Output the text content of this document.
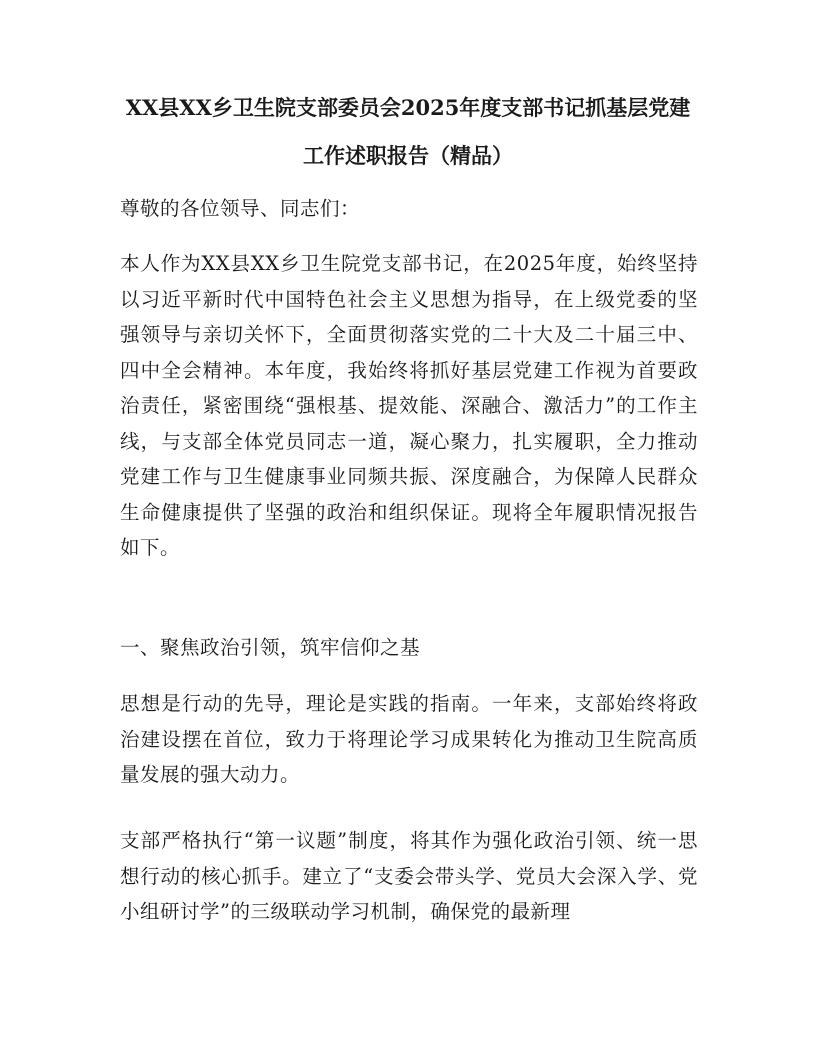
XX县XX乡卫生院支部委员会2025年度支部书记抓基层党建

工作述职报告（精品）

尊敬的各位领导、同志们：

本人作为XX县XX乡卫生院党支部书记，在2025年度，始终坚持以习近平新时代中国特色社会主义思想为指导，在上级党委的坚强领导与亲切关怀下，全面贯彻落实党的二十大及二十届三中、四中全会精神。本年度，我始终将抓好基层党建工作视为首要政治责任，紧密围绕“强根基、提效能、深融合、激活力”的工作主线，与支部全体党员同志一道，凝心聚力，扎实履职，全力推动党建工作与卫生健康事业同频共振、深度融合，为保障人民群众生命健康提供了坚强的政治和组织保证。现将全年履职情况报告如下。

一、聚焦政治引领，筑牢信仰之基

思想是行动的先导，理论是实践的指南。一年来，支部始终将政治建设摆在首位，致力于将理论学习成果转化为推动卫生院高质量发展的强大动力。

支部严格执行“第一议题”制度，将其作为强化政治引领、统一思想行动的核心抓手。建立了“支委会带头学、党员大会深入学、党小组研讨学”的三级联动学习机制，确保党的最新理
